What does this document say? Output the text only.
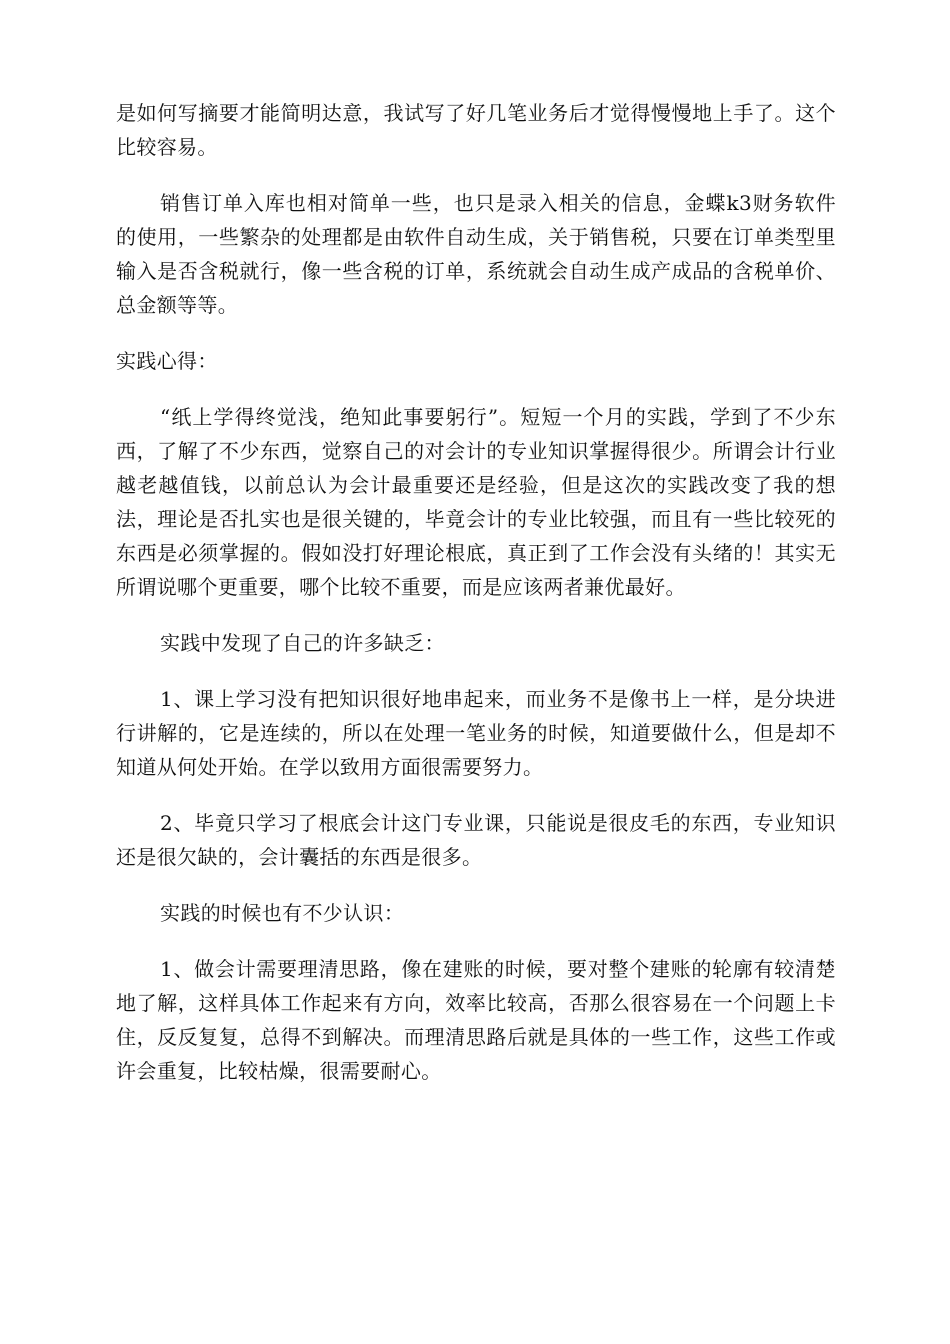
是如何写摘要才能简明达意，我试写了好几笔业务后才觉得慢慢地上手了。这个比较容易。

销售订单入库也相对简单一些，也只是录入相关的信息，金蝶k3财务软件的使用，一些繁杂的处理都是由软件自动生成，关于销售税，只要在订单类型里输入是否含税就行，像一些含税的订单，系统就会自动生成产成品的含税单价、总金额等等。

实践心得：

“纸上学得终觉浅，绝知此事要躬行”。短短一个月的实践，学到了不少东西，了解了不少东西，觉察自己的对会计的专业知识掌握得很少。所谓会计行业越老越值钱，以前总认为会计最重要还是经验，但是这次的实践改变了我的想法，理论是否扎实也是很关键的，毕竟会计的专业比较强，而且有一些比较死的东西是必须掌握的。假如没打好理论根底，真正到了工作会没有头绪的！其实无所谓说哪个更重要，哪个比较不重要，而是应该两者兼优最好。

实践中发现了自己的许多缺乏：

1、课上学习没有把知识很好地串起来，而业务不是像书上一样，是分块进行讲解的，它是连续的，所以在处理一笔业务的时候，知道要做什么，但是却不知道从何处开始。在学以致用方面很需要努力。

2、毕竟只学习了根底会计这门专业课，只能说是很皮毛的东西，专业知识还是很欠缺的，会计囊括的东西是很多。

实践的时候也有不少认识：

1、做会计需要理清思路，像在建账的时候，要对整个建账的轮廓有较清楚地了解，这样具体工作起来有方向，效率比较高，否那么很容易在一个问题上卡住，反反复复，总得不到解决。而理清思路后就是具体的一些工作，这些工作或许会重复，比较枯燥，很需要耐心。
